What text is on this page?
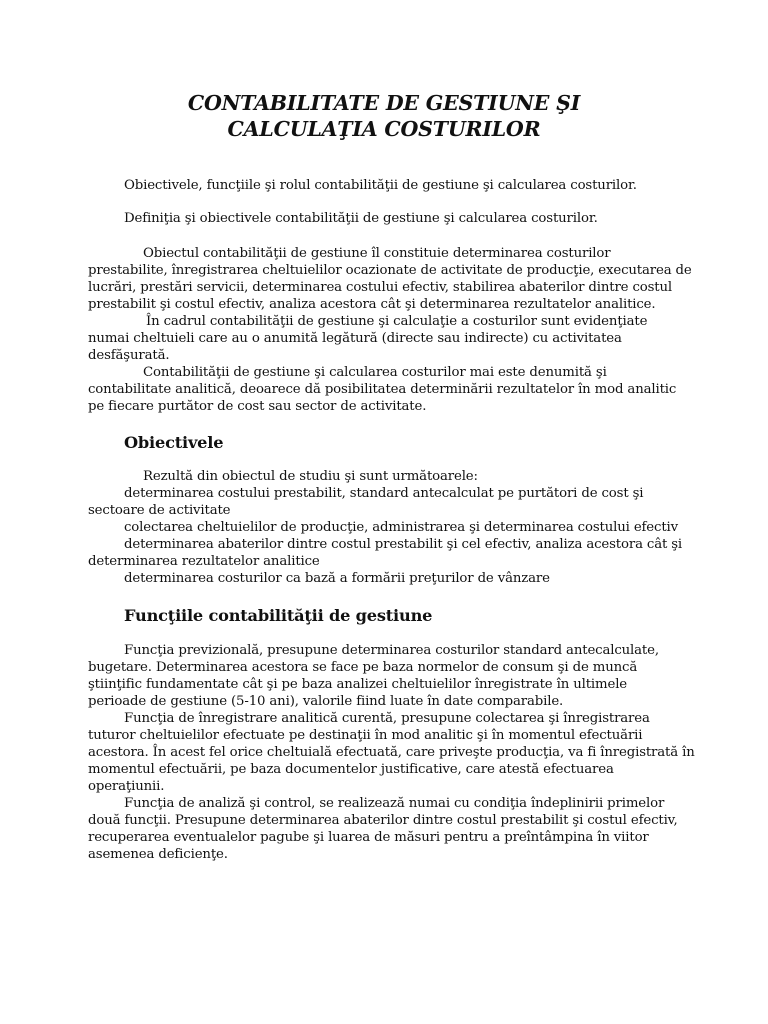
CONTABILITATE DE GESTIUNE ŞI
CALCULAŢIA COSTURILOR
Obiectivele, funcţiile şi rolul contabilităţii de gestiune şi calcularea costurilor.
Definiţia şi obiectivele contabilităţii de gestiune şi calcularea costurilor.
Obiectul contabilităţii de gestiune îl constituie determinarea costurilor
prestabilite, înregistrarea cheltuielilor ocazionate de activitate de producţie, executarea de
lucrări, prestări servicii, determinarea costului efectiv, stabilirea abaterilor dintre costul
prestabilit şi costul efectiv, analiza acestora cât şi determinarea rezultatelor analitice.
În cadrul contabilităţii de gestiune şi calculaţie a costurilor sunt evidenţiate
numai cheltuieli care au o anumită legătură (directe sau indirecte) cu activitatea
desfăşurată.
Contabilităţii de gestiune şi calcularea costurilor mai este denumită şi
contabilitate analitică, deoarece dă posibilitatea determinării rezultatelor în mod analitic
pe fiecare purtător de cost sau sector de activitate.
Obiectivele
Rezultă din obiectul de studiu şi sunt următoarele:
determinarea costului prestabilit, standard antecalculat pe purtători de cost şi
sectoare de activitate
colectarea cheltuielilor de producţie, administrarea şi determinarea costului efectiv
determinarea abaterilor dintre costul prestabilit şi cel efectiv, analiza acestora cât şi
determinarea rezultatelor analitice
determinarea costurilor ca bază a formării preţurilor de vânzare
Funcţiile contabilităţii de gestiune
Funcţia previzională, presupune determinarea costurilor standard antecalculate,
bugetare. Determinarea acestora se face pe baza normelor de consum şi de muncă
ştiinţific fundamentate cât şi pe baza analizei cheltuielilor înregistrate în ultimele
perioade de gestiune (5-10 ani), valorile fiind luate în date comparabile.
Funcţia de înregistrare analitică curentă, presupune colectarea şi înregistrarea
tuturor cheltuielilor efectuate pe destinaţii în mod analitic şi în momentul efectuării
acestora. În acest fel orice cheltuială efectuată, care priveşte producţia, va fi înregistrată în
momentul efectuării, pe baza documentelor justificative, care atestă efectuarea
operaţiunii.
Funcţia de analiză şi control, se realizează numai cu condiţia îndeplinirii primelor
două funcţii. Presupune determinarea abaterilor dintre costul prestabilit şi costul efectiv,
recuperarea eventualelor pagube şi luarea de măsuri pentru a preîntâmpina în viitor
asemenea deficienţe.
